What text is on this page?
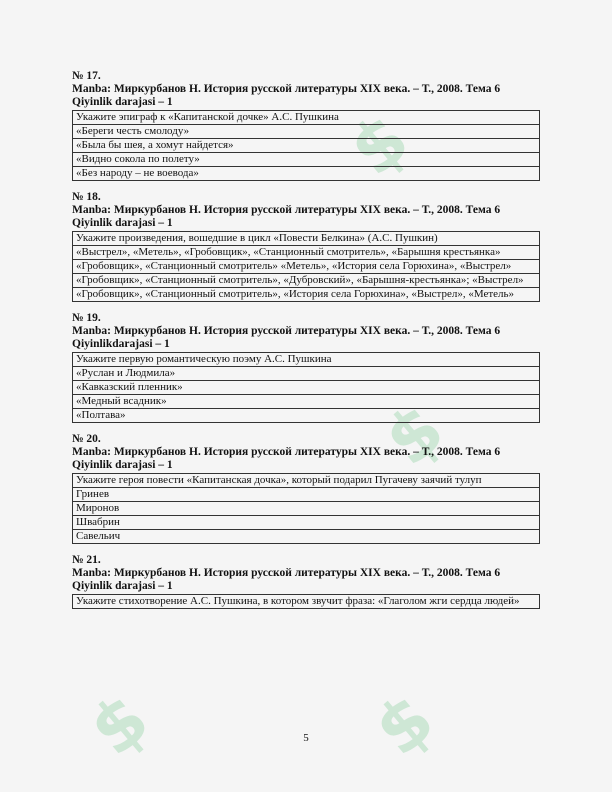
$
$
$
$
№ 17.
Manba: Миркурбанов Н. История русской литературы XIX века. – Т., 2008. Тема 6
Qiyinlik darajasi – 1
Укажите эпиграф к «Капитанской дочке» А.С. Пушкина
«Береги честь смолоду»
«Была бы шея, а хомут найдется»
«Видно сокола по полету»
«Без народу – не воевода»
№ 18.
Manba: Миркурбанов Н. История русской литературы XIX века. – Т., 2008. Тема 6
Qiyinlik darajasi – 1
Укажите произведения, вошедшие в цикл «Повести Белкина» (А.С. Пушкин)
«Выстрел», «Метель», «Гробовщик», «Станционный смотритель», «Барышня крестьянка»
«Гробовщик», «Станционный смотритель» «Метель», «История села Горюхина», «Выстрел»
«Гробовщик», «Станционный смотритель», «Дубровский», «Барышня-крестьянка»; «Выстрел»
«Гробовщик», «Станционный смотритель», «История села Горюхина», «Выстрел», «Метель»
№ 19.
Manba: Миркурбанов Н. История русской литературы XIX века. – Т., 2008. Тема 6
Qiyinlikdarajasi – 1
Укажите первую романтическую поэму А.С. Пушкина
«Руслан и Людмила»
«Кавказский пленник»
«Медный всадник»
«Полтава»
№ 20.
Manba: Миркурбанов Н. История русской литературы XIX века. – Т., 2008. Тема 6
Qiyinlik darajasi – 1
Укажите героя повести «Капитанская дочка», который подарил Пугачеву заячий тулуп
Гринев
Миронов
Швабрин
Савельич
№ 21.
Manba: Миркурбанов Н. История русской литературы XIX века. – Т., 2008. Тема 6
Qiyinlik darajasi – 1
Укажите стихотворение А.С. Пушкина, в котором звучит фраза: «Глаголом жги сердца людей»
5
